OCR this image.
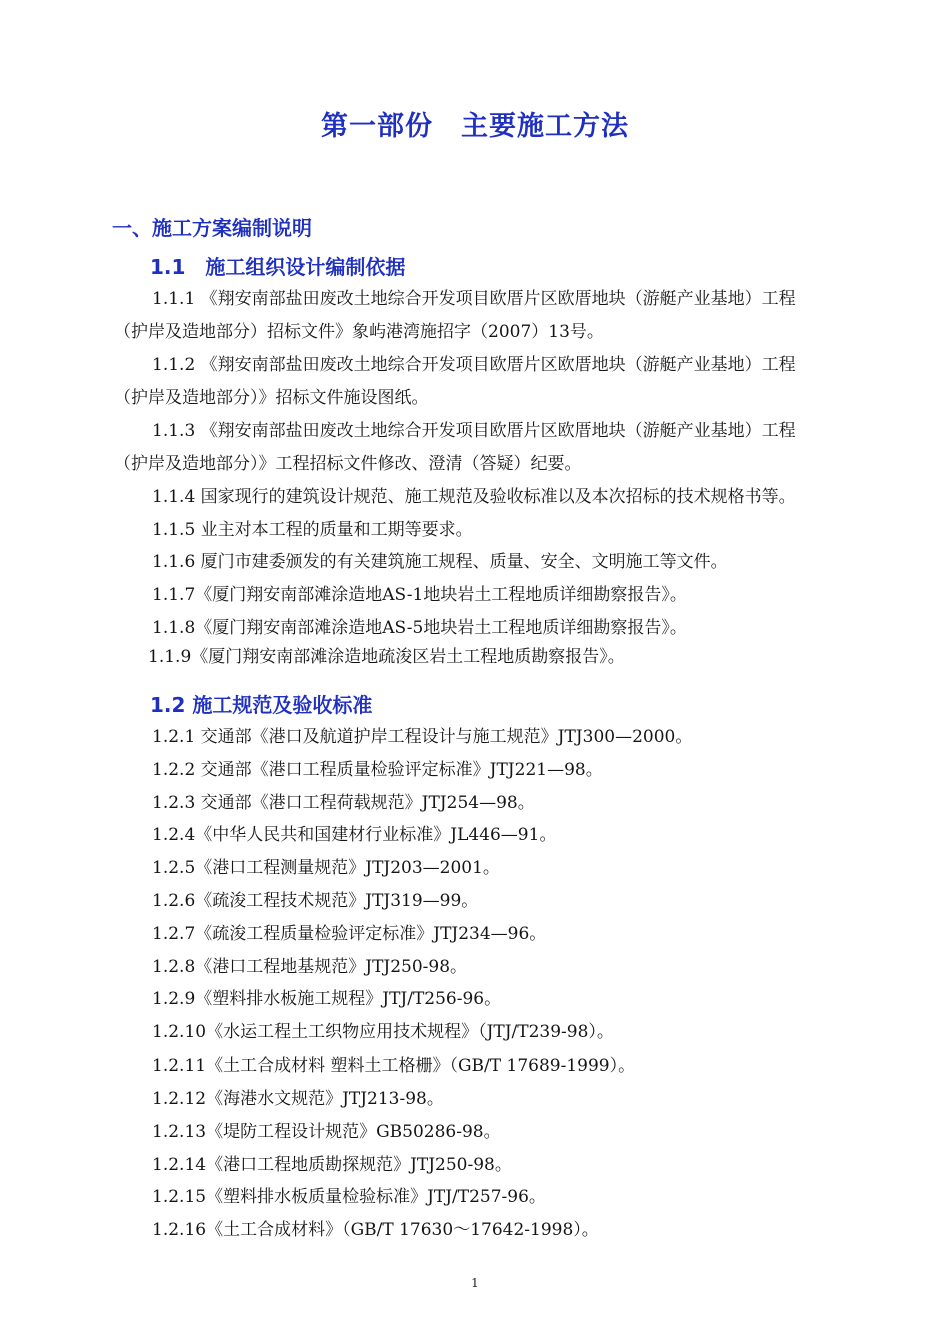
第一部份　主要施工方法
一、施工方案编制说明
1.1　施工组织设计编制依据
1.1.1 《翔安南部盐田废改土地综合开发项目欧厝片区欧厝地块（游艇产业基地）工程
（护岸及造地部分）招标文件》象屿港湾施招字（2007）13号。
1.1.2 《翔安南部盐田废改土地综合开发项目欧厝片区欧厝地块（游艇产业基地）工程
（护岸及造地部分）》招标文件施设图纸。
1.1.3 《翔安南部盐田废改土地综合开发项目欧厝片区欧厝地块（游艇产业基地）工程
（护岸及造地部分）》工程招标文件修改、澄清（答疑）纪要。
1.1.4 国家现行的建筑设计规范、施工规范及验收标准以及本次招标的技术规格书等。
1.1.5 业主对本工程的质量和工期等要求。
1.1.6 厦门市建委颁发的有关建筑施工规程、质量、安全、文明施工等文件。
1.1.7《厦门翔安南部滩涂造地AS-1地块岩土工程地质详细勘察报告》。
1.1.8《厦门翔安南部滩涂造地AS-5地块岩土工程地质详细勘察报告》。
1.1.9《厦门翔安南部滩涂造地疏浚区岩土工程地质勘察报告》。
1.2 施工规范及验收标准
1.2.1 交通部《港口及航道护岸工程设计与施工规范》JTJ300—2000。
1.2.2 交通部《港口工程质量检验评定标准》JTJ221—98。
1.2.3 交通部《港口工程荷载规范》JTJ254—98。
1.2.4《中华人民共和国建材行业标准》JL446—91。
1.2.5《港口工程测量规范》JTJ203—2001。
1.2.6《疏浚工程技术规范》JTJ319—99。
1.2.7《疏浚工程质量检验评定标准》JTJ234—96。
1.2.8《港口工程地基规范》JTJ250-98。
1.2.9《塑料排水板施工规程》JTJ/T256-96。
1.2.10《水运工程土工织物应用技术规程》（JTJ/T239-98）。
1.2.11《土工合成材料 塑料土工格栅》（GB/T 17689-1999）。
1.2.12《海港水文规范》JTJ213-98。
1.2.13《堤防工程设计规范》GB50286-98。
1.2.14《港口工程地质勘探规范》JTJ250-98。
1.2.15《塑料排水板质量检验标准》JTJ/T257-96。
1.2.16《土工合成材料》（GB/T 17630～17642-1998）。
1
